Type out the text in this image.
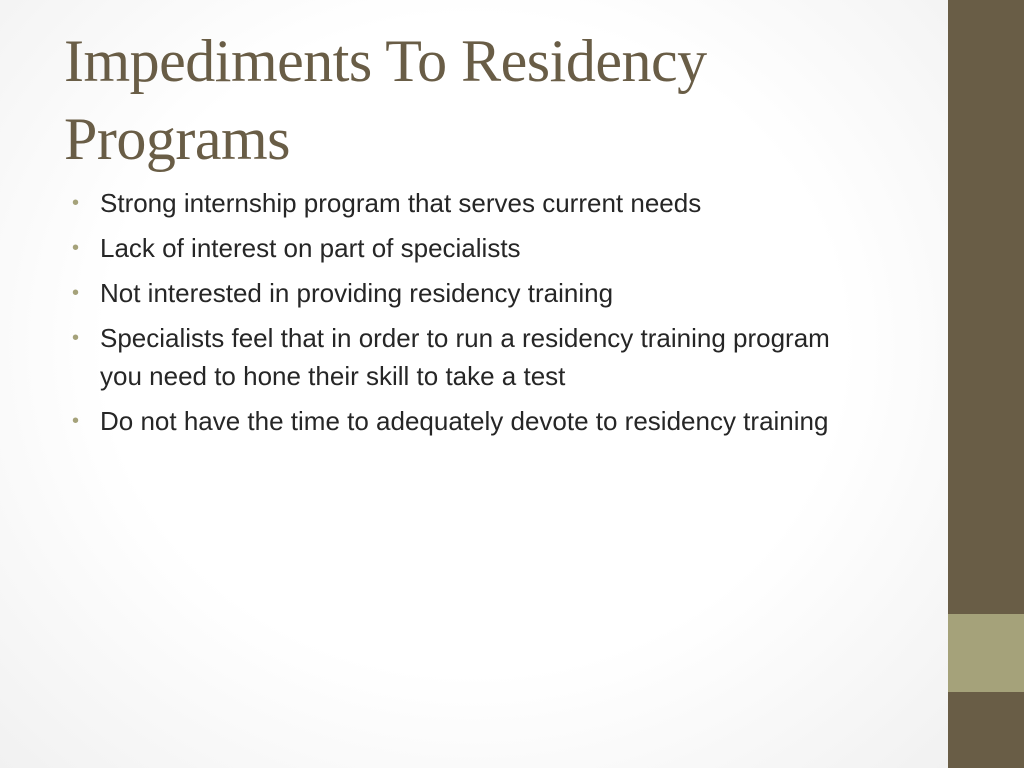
Impediments To Residency Programs
• Strong internship program that serves current needs
• Lack of interest on part of specialists
• Not interested in providing residency training
• Specialists feel that in order to run a residency training program you need to hone their skill to take a test
• Do not have the time to adequately devote to residency training
